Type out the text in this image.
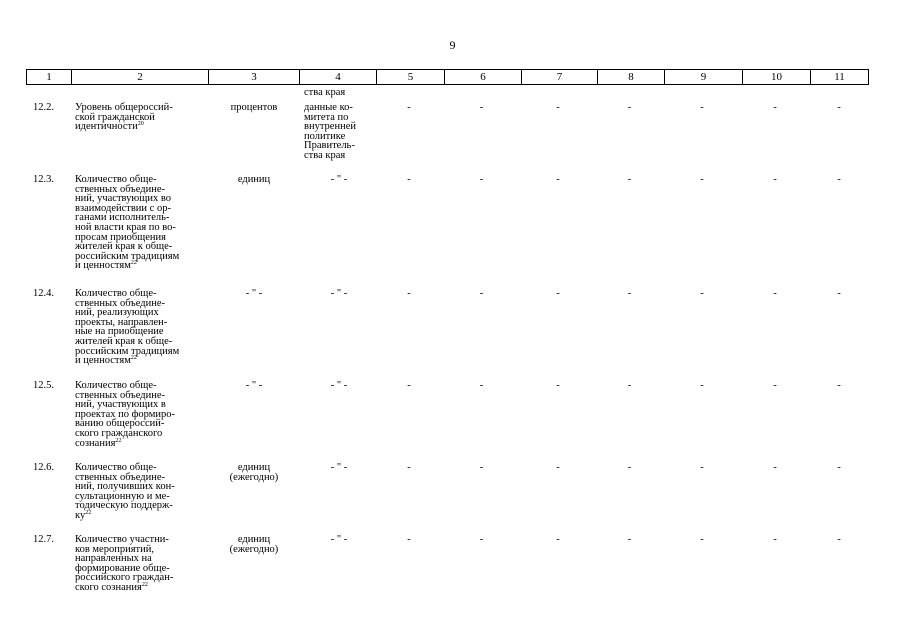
9
1	2	3	4	5	6	7	8	9	10	11
ства края
12.2.	Уровень общероссий-
ской гражданской
идентичности$^{20}$
процентов	данные ко-
митета по
внутренней
политике
Правитель-
ства края
-	-	-	-	-	-	-
12.3.	Количество обще-
ственных объедине-
ний, участвующих во
взаимодействии с ор-
ганами исполнитель-
ной власти края по во-
просам приобщения
жителей края к обще-
российским традициям
и ценностям$^{22}$
единиц	- " -	-	-	-	-	-	-	-
12.4.	Количество обще-
ственных объедине-
ний, реализующих
проекты, направлен-
ные на приобщение
жителей края к обще-
российским традициям
и ценностям$^{22}$
- " -	- " -	-	-	-	-	-	-	-
12.5.	Количество обще-
ственных объедине-
ний, участвующих в
проектах по формиро-
ванию общероссий-
ского гражданского
сознания$^{22}$
- " -	- " -	-	-	-	-	-	-	-
12.6.	Количество обще-
ственных объедине-
ний, получивших кон-
сультационную и ме-
тодическую поддерж-
$ку^{22}$
единиц
(ежегодно)
- " -	-	-	-	-	-	-	-
12.7.	Количество участни-
ков мероприятий,
направленных на
формирование обще-
российского граждан-
ского сознания$^{22}$
единиц
(ежегодно)
- " -	-	-	-	-	-	-	-
